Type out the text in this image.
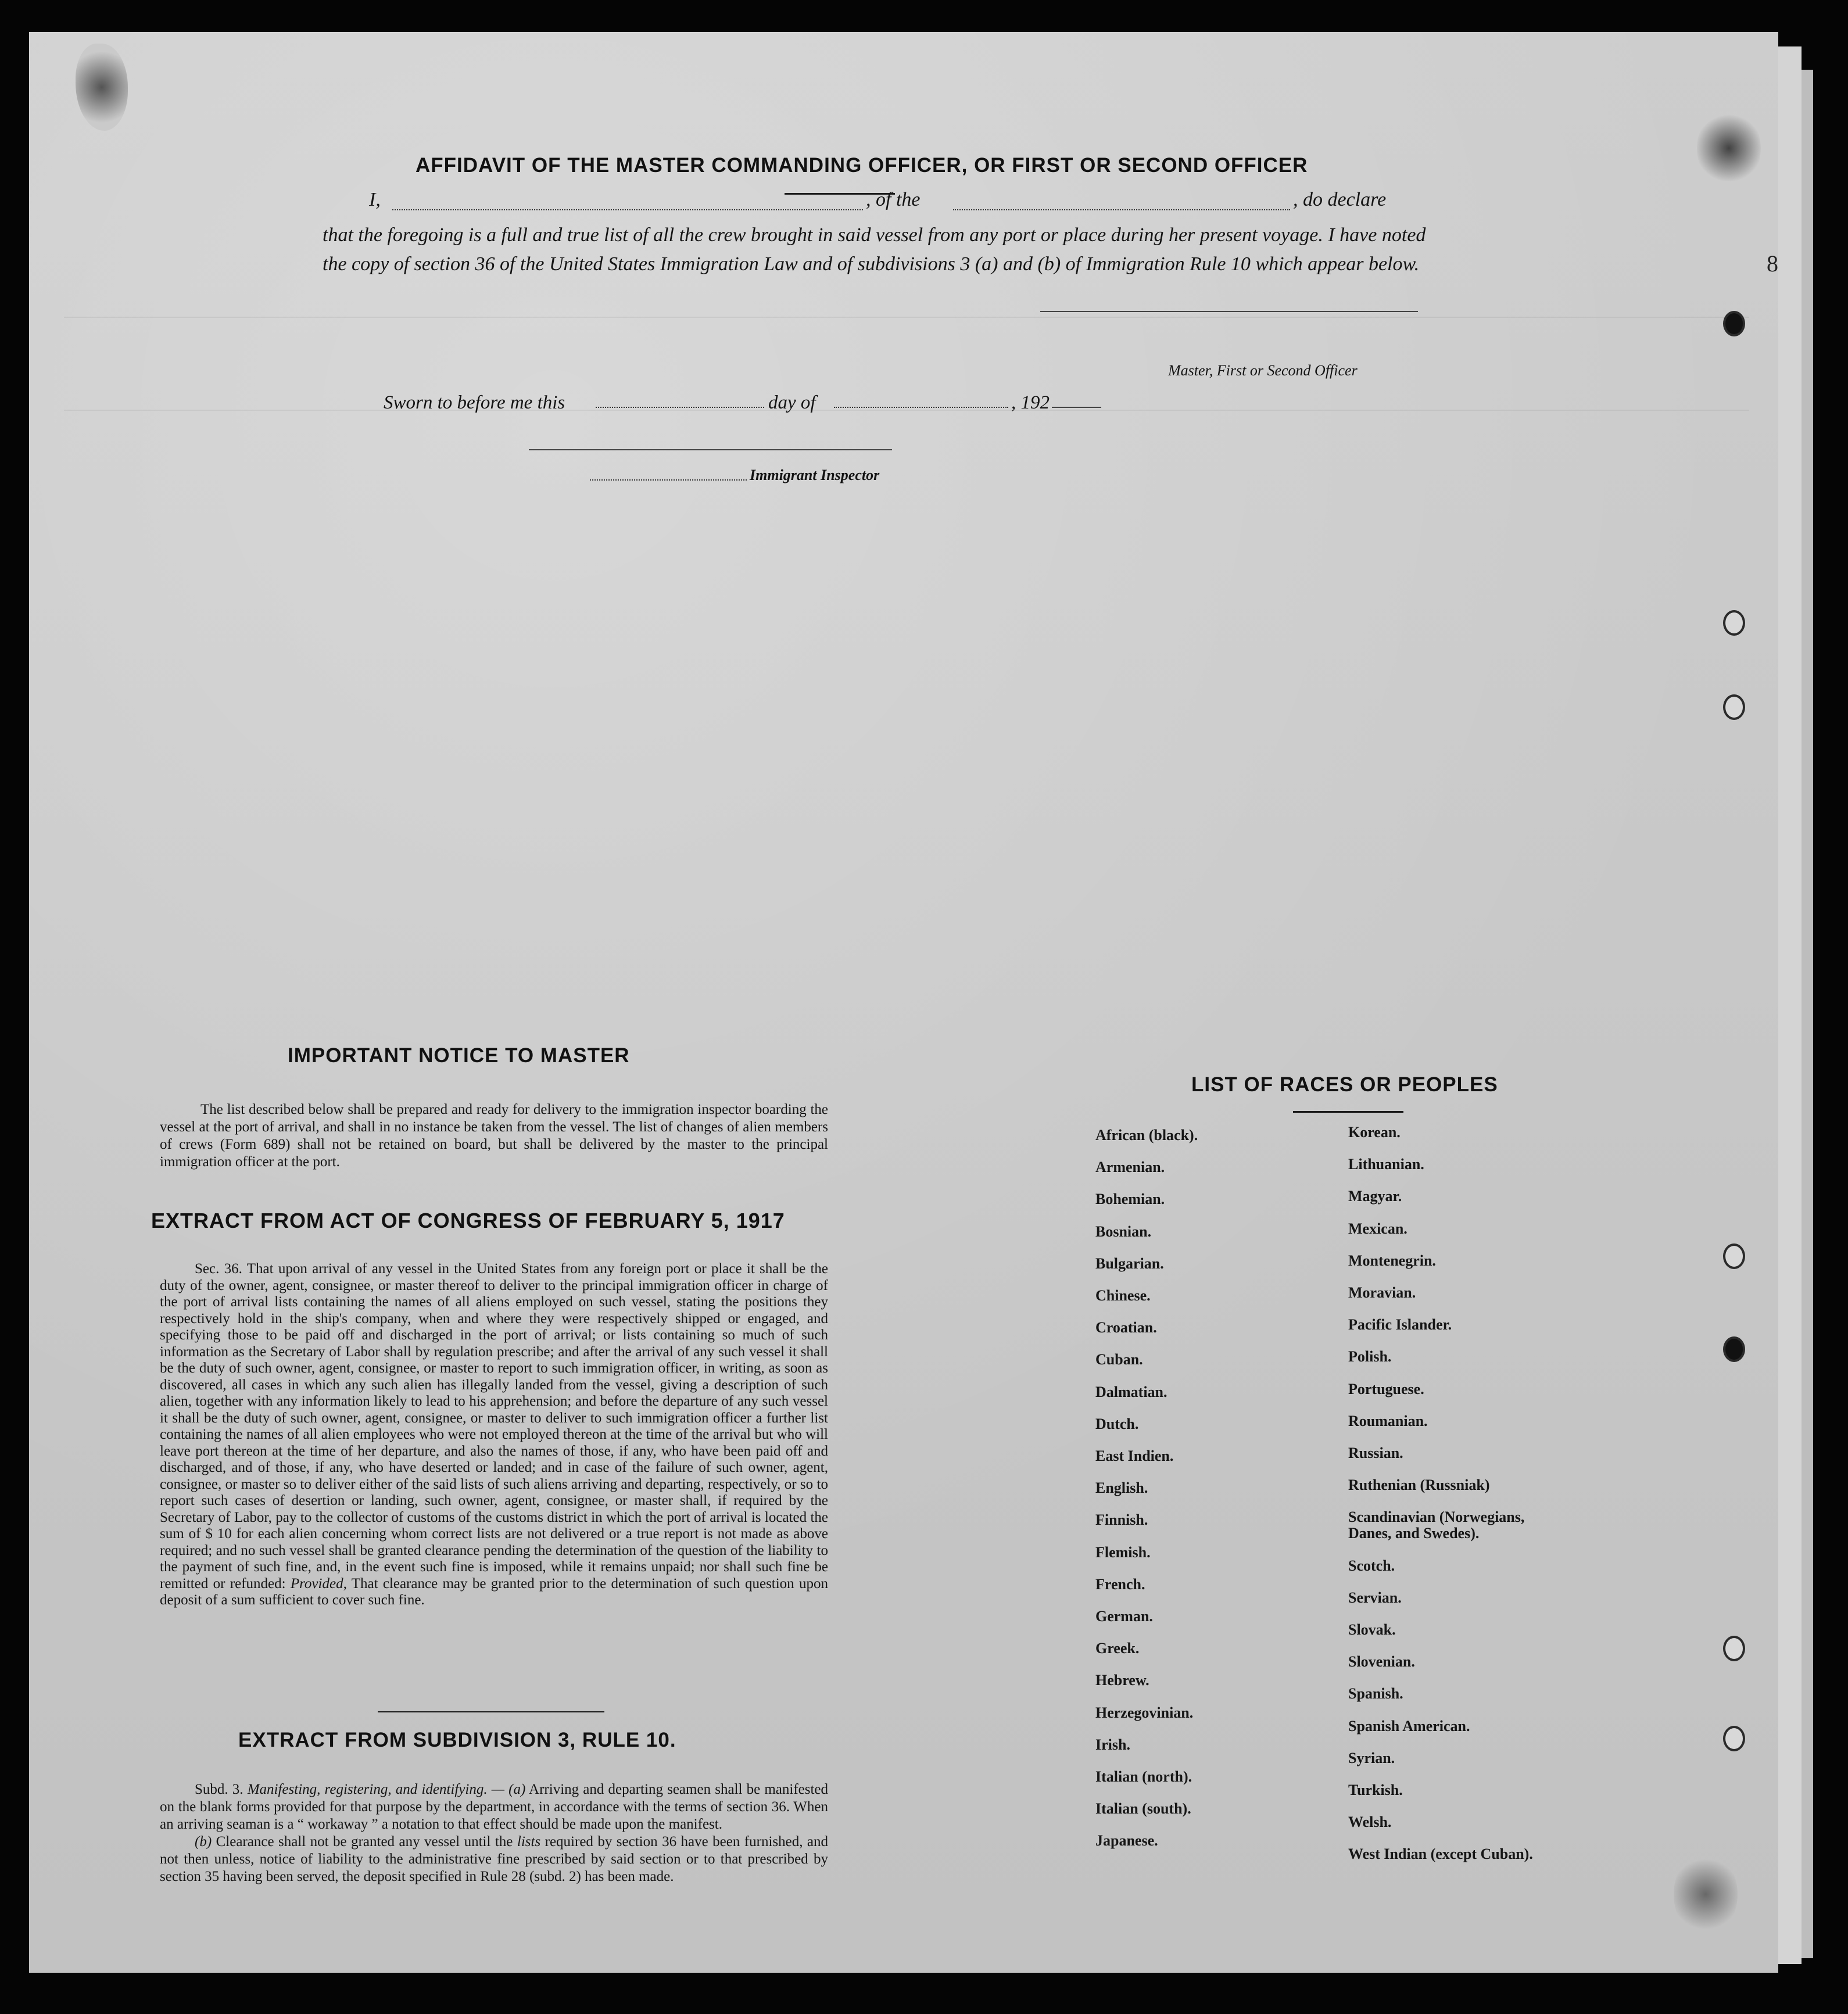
8
AFFIDAVIT OF THE MASTER COMMANDING OFFICER, OR FIRST OR SECOND OFFICER
I,	, of the	, do declare
that the foregoing is a full and true list of all the crew brought in said vessel from any port or place during her present voyage. I have noted the copy of section 36 of the United States Immigration Law and of subdivisions 3 (a) and (b) of Immigration Rule 10 which appear below.
Master, First or Second Officer
Sworn to before me this	day of	, 192
Immigrant Inspector
IMPORTANT NOTICE TO MASTER
The list described below shall be prepared and ready for delivery to the immigration inspector boarding the vessel at the port of arrival, and shall in no instance be taken from the vessel. The list of changes of alien members of crews (Form 689) shall not be retained on board, but shall be delivered by the master to the principal immigration officer at the port.
EXTRACT FROM ACT OF CONGRESS OF FEBRUARY 5, 1917
Sec. 36. That upon arrival of any vessel in the United States from any foreign port or place it shall be the duty of the owner, agent, consignee, or master thereof to deliver to the principal immigration officer in charge of the port of arrival lists containing the names of all aliens employed on such vessel, stating the positions they respectively hold in the ship's company, when and where they were respectively shipped or engaged, and specifying those to be paid off and discharged in the port of arrival; or lists containing so much of such information as the Secretary of Labor shall by regulation prescribe; and after the arrival of any such vessel it shall be the duty of such owner, agent, consignee, or master to report to such immigration officer, in writing, as soon as discovered, all cases in which any such alien has illegally landed from the vessel, giving a description of such alien, together with any information likely to lead to his apprehension; and before the departure of any such vessel it shall be the duty of such owner, agent, consignee, or master to deliver to such immigration officer a further list containing the names of all alien employees who were not employed thereon at the time of the arrival but who will leave port thereon at the time of her departure, and also the names of those, if any, who have been paid off and discharged, and of those, if any, who have deserted or landed; and in case of the failure of such owner, agent, consignee, or master so to deliver either of the said lists of such aliens arriving and departing, respectively, or so to report such cases of desertion or landing, such owner, agent, consignee, or master shall, if required by the Secretary of Labor, pay to the collector of customs of the customs district in which the port of arrival is located the sum of $ 10 for each alien concerning whom correct lists are not delivered or a true report is not made as above required; and no such vessel shall be granted clearance pending the determination of the question of the liability to the payment of such fine, and, in the event such fine is imposed, while it remains unpaid; nor shall such fine be remitted or refunded: Provided, That clearance may be granted prior to the determination of such question upon deposit of a sum sufficient to cover such fine.
EXTRACT FROM SUBDIVISION 3, RULE 10.
Subd. 3. Manifesting, registering, and identifying. — (a) Arriving and departing seamen shall be manifested on the blank forms provided for that purpose by the department, in accordance with the terms of section 36. When an arriving seaman is a “ workaway ” a notation to that effect should be made upon the manifest.
(b) Clearance shall not be granted any vessel until the lists required by section 36 have been furnished, and not then unless, notice of liability to the administrative fine prescribed by said section or to that prescribed by section 35 having been served, the deposit specified in Rule 28 (subd. 2) has been made.
LIST OF RACES OR PEOPLES
African (black).
Armenian.
Bohemian.
Bosnian.
Bulgarian.
Chinese.
Croatian.
Cuban.
Dalmatian.
Dutch.
East Indien.
English.
Finnish.
Flemish.
French.
German.
Greek.
Hebrew.
Herzegovinian.
Irish.
Italian (north).
Italian (south).
Japanese.
Korean.
Lithuanian.
Magyar.
Mexican.
Montenegrin.
Moravian.
Pacific Islander.
Polish.
Portuguese.
Roumanian.
Russian.
Ruthenian (Russniak)
Scandinavian (Norwegians,
Danes, and Swedes).
Scotch.
Servian.
Slovak.
Slovenian.
Spanish.
Spanish American.
Syrian.
Turkish.
Welsh.
West Indian (except Cuban).
